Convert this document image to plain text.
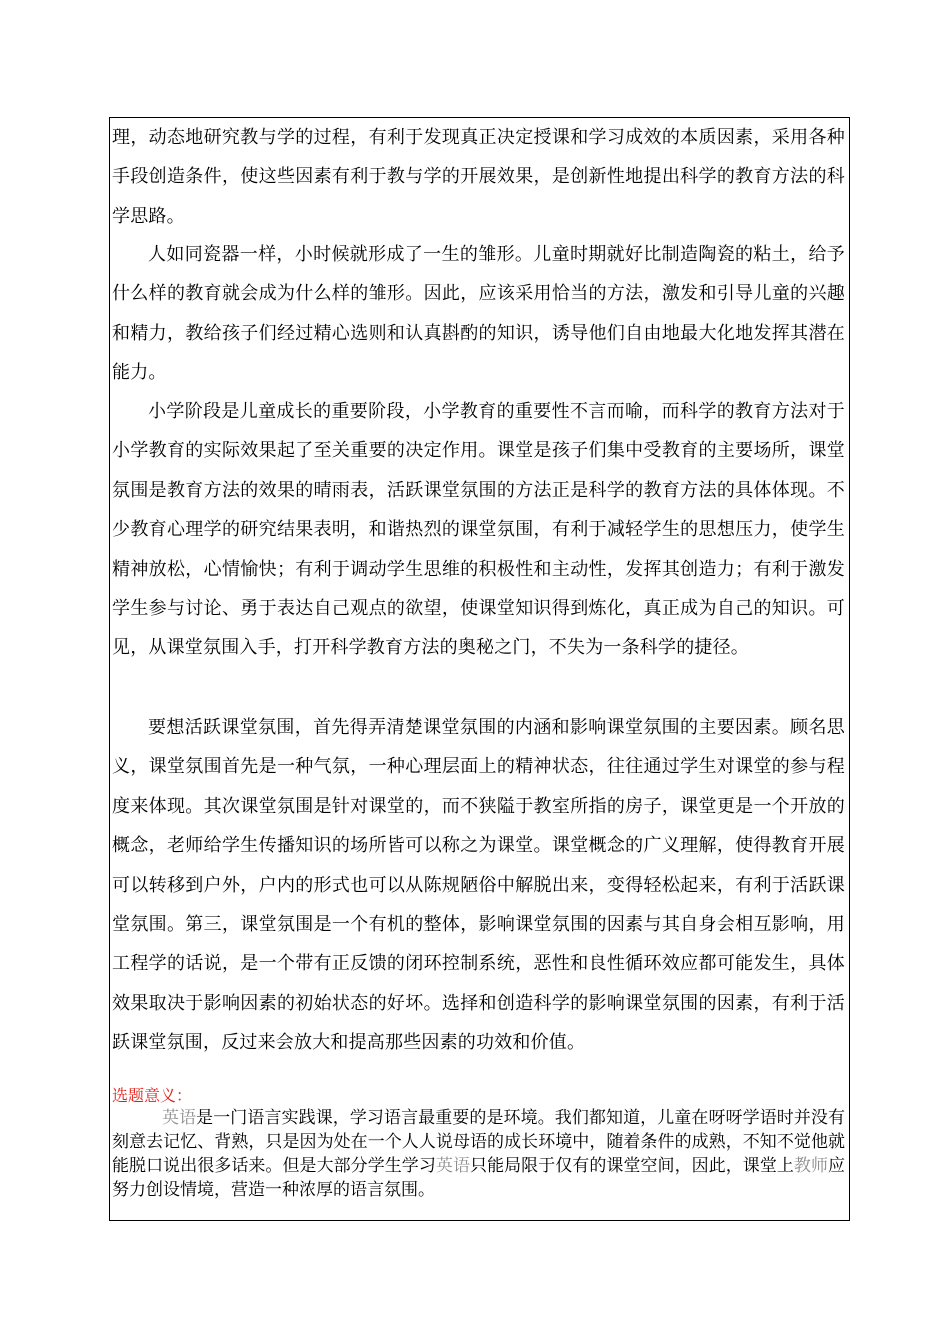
理，动态地研究教与学的过程，有利于发现真正决定授课和学习成效的本质因素，采用各种手段创造条件，使这些因素有利于教与学的开展效果，是创新性地提出科学的教育方法的科学思路。

人如同瓷器一样，小时候就形成了一生的雏形。儿童时期就好比制造陶瓷的粘土，给予什么样的教育就会成为什么样的雏形。因此，应该采用恰当的方法，激发和引导儿童的兴趣和精力，教给孩子们经过精心选则和认真斟酌的知识，诱导他们自由地最大化地发挥其潜在能力。

小学阶段是儿童成长的重要阶段，小学教育的重要性不言而喻，而科学的教育方法对于小学教育的实际效果起了至关重要的决定作用。课堂是孩子们集中受教育的主要场所，课堂氛围是教育方法的效果的晴雨表，活跃课堂氛围的方法正是科学的教育方法的具体体现。不少教育心理学的研究结果表明，和谐热烈的课堂氛围，有利于减轻学生的思想压力，使学生精神放松，心情愉快；有利于调动学生思维的积极性和主动性，发挥其创造力；有利于激发学生参与讨论、勇于表达自己观点的欲望，使课堂知识得到炼化，真正成为自己的知识。可见，从课堂氛围入手，打开科学教育方法的奥秘之门，不失为一条科学的捷径。

要想活跃课堂氛围，首先得弄清楚课堂氛围的内涵和影响课堂氛围的主要因素。顾名思义，课堂氛围首先是一种气氛，一种心理层面上的精神状态，往往通过学生对课堂的参与程度来体现。其次课堂氛围是针对课堂的，而不狭隘于教室所指的房子，课堂更是一个开放的概念，老师给学生传播知识的场所皆可以称之为课堂。课堂概念的广义理解，使得教育开展可以转移到户外，户内的形式也可以从陈规陋俗中解脱出来，变得轻松起来，有利于活跃课堂氛围。第三，课堂氛围是一个有机的整体，影响课堂氛围的因素与其自身会相互影响，用工程学的话说，是一个带有正反馈的闭环控制系统，恶性和良性循环效应都可能发生，具体效果取决于影响因素的初始状态的好坏。选择和创造科学的影响课堂氛围的因素，有利于活跃课堂氛围，反过来会放大和提高那些因素的功效和价值。

选题意义：

英语是一门语言实践课，学习语言最重要的是环境。我们都知道，儿童在呀呀学语时并没有刻意去记忆、背熟，只是因为处在一个人人说母语的成长环境中，随着条件的成熟，不知不觉他就能脱口说出很多话来。但是大部分学生学习英语只能局限于仅有的课堂空间，因此，课堂上教师应努力创设情境，营造一种浓厚的语言氛围。
